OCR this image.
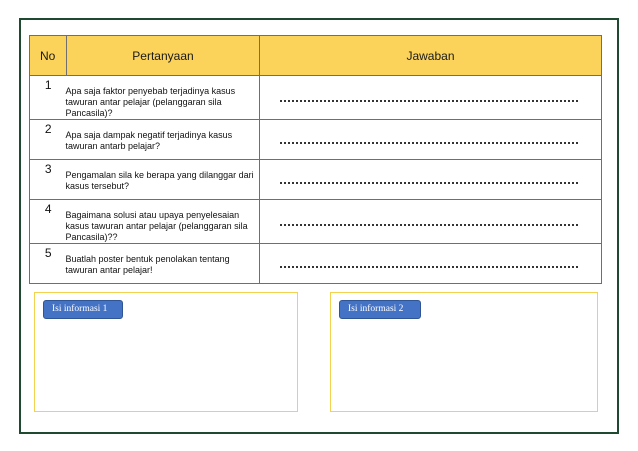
No	Pertanyaan	Jawaban
1	Apa saja faktor penyebab terjadinya kasus tawuran antar pelajar (pelanggaran sila Pancasila)?	

2	Apa saja dampak negatif terjadinya kasus tawuran antarb pelajar?	

3	Pengamalan sila ke berapa yang dilanggar dari kasus tersebut?	

4	Bagaimana solusi atau upaya penyelesaian kasus tawuran antar pelajar (pelanggaran sila Pancasila)??	

5	Buatlah poster bentuk penolakan tentang tawuran antar pelajar!	

Isi informasi 1	Isi informasi 2
